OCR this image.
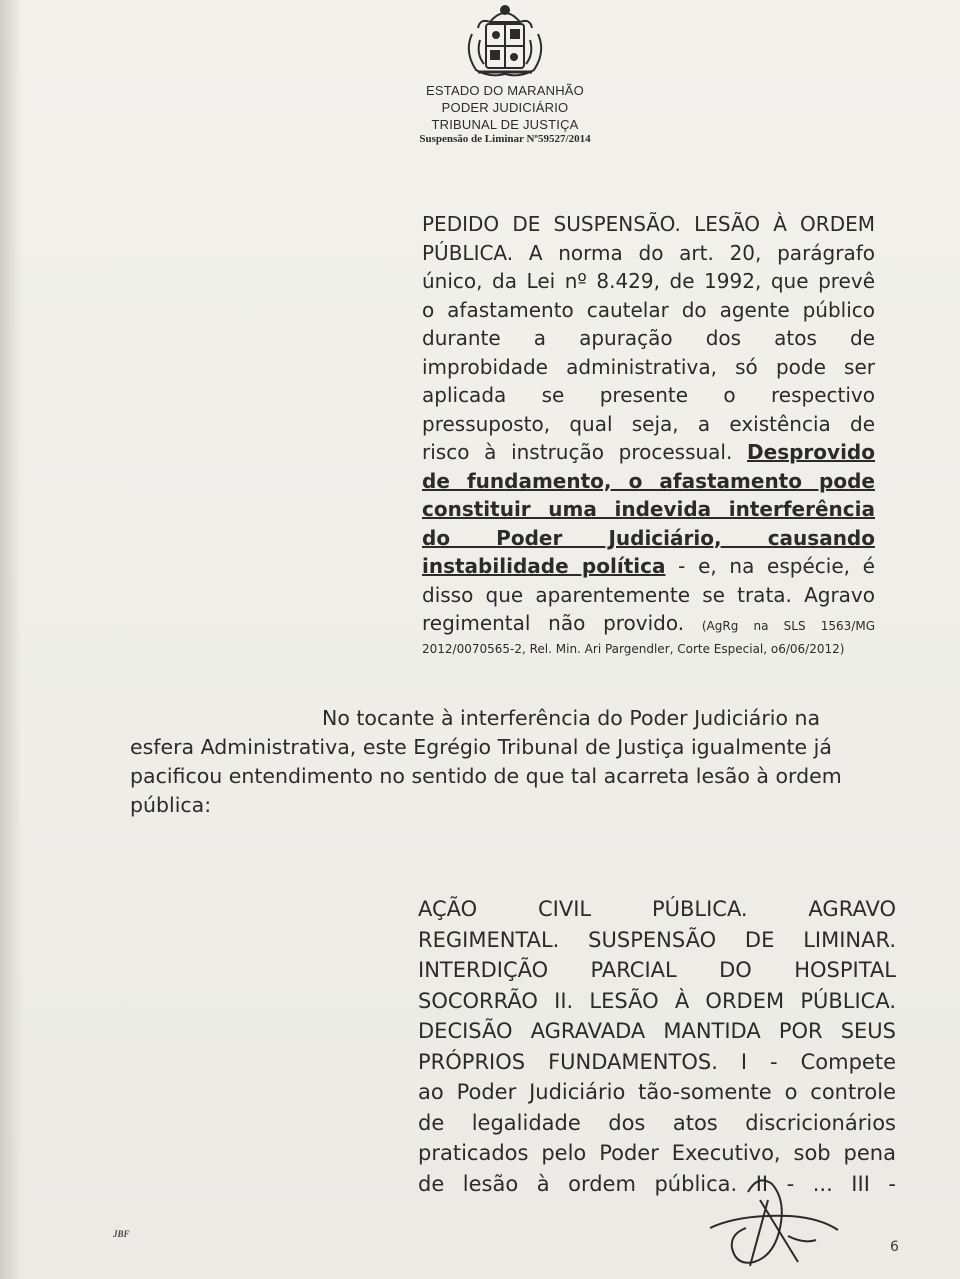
ESTADO DO MARANHÃO
PODER JUDICIÁRIO
TRIBUNAL DE JUSTIÇA
Suspensão de Liminar Nº59527/2014

PEDIDO DE SUSPENSÃO. LESÃO À ORDEM

PÚBLICA. A norma do art. 20, parágrafo

único, da Lei nº 8.429, de 1992, que prevê

o afastamento cautelar do agente público

durante a apuração dos atos de

improbidade administrativa, só pode ser

aplicada se presente o respectivo

pressuposto, qual seja, a existência de

risco à instrução processual. Desprovido

de fundamento, o afastamento pode

constituir uma indevida interferência

do Poder Judiciário, causando

instabilidade política - e, na espécie, é

disso que aparentemente se trata. Agravo

regimental não provido. (AgRg na SLS 1563/MG

2012/0070565-2, Rel. Min. Ari Pargendler, Corte Especial, o6/06/2012)

No tocante à interferência do Poder Judiciário na esfera Administrativa, este Egrégio Tribunal de Justiça igualmente já pacificou entendimento no sentido de que tal acarreta lesão à ordem pública:

AÇÃO CIVIL PÚBLICA. AGRAVO

REGIMENTAL. SUSPENSÃO DE LIMINAR.

INTERDIÇÃO PARCIAL DO HOSPITAL

SOCORRÃO II. LESÃO À ORDEM PÚBLICA.

DECISÃO AGRAVADA MANTIDA POR SEUS

PRÓPRIOS FUNDAMENTOS. I - Compete

ao Poder Judiciário tão-somente o controle

de legalidade dos atos discricionários

praticados pelo Poder Executivo, sob pena

de lesão à ordem pública. II - ... III -

JBF
6
